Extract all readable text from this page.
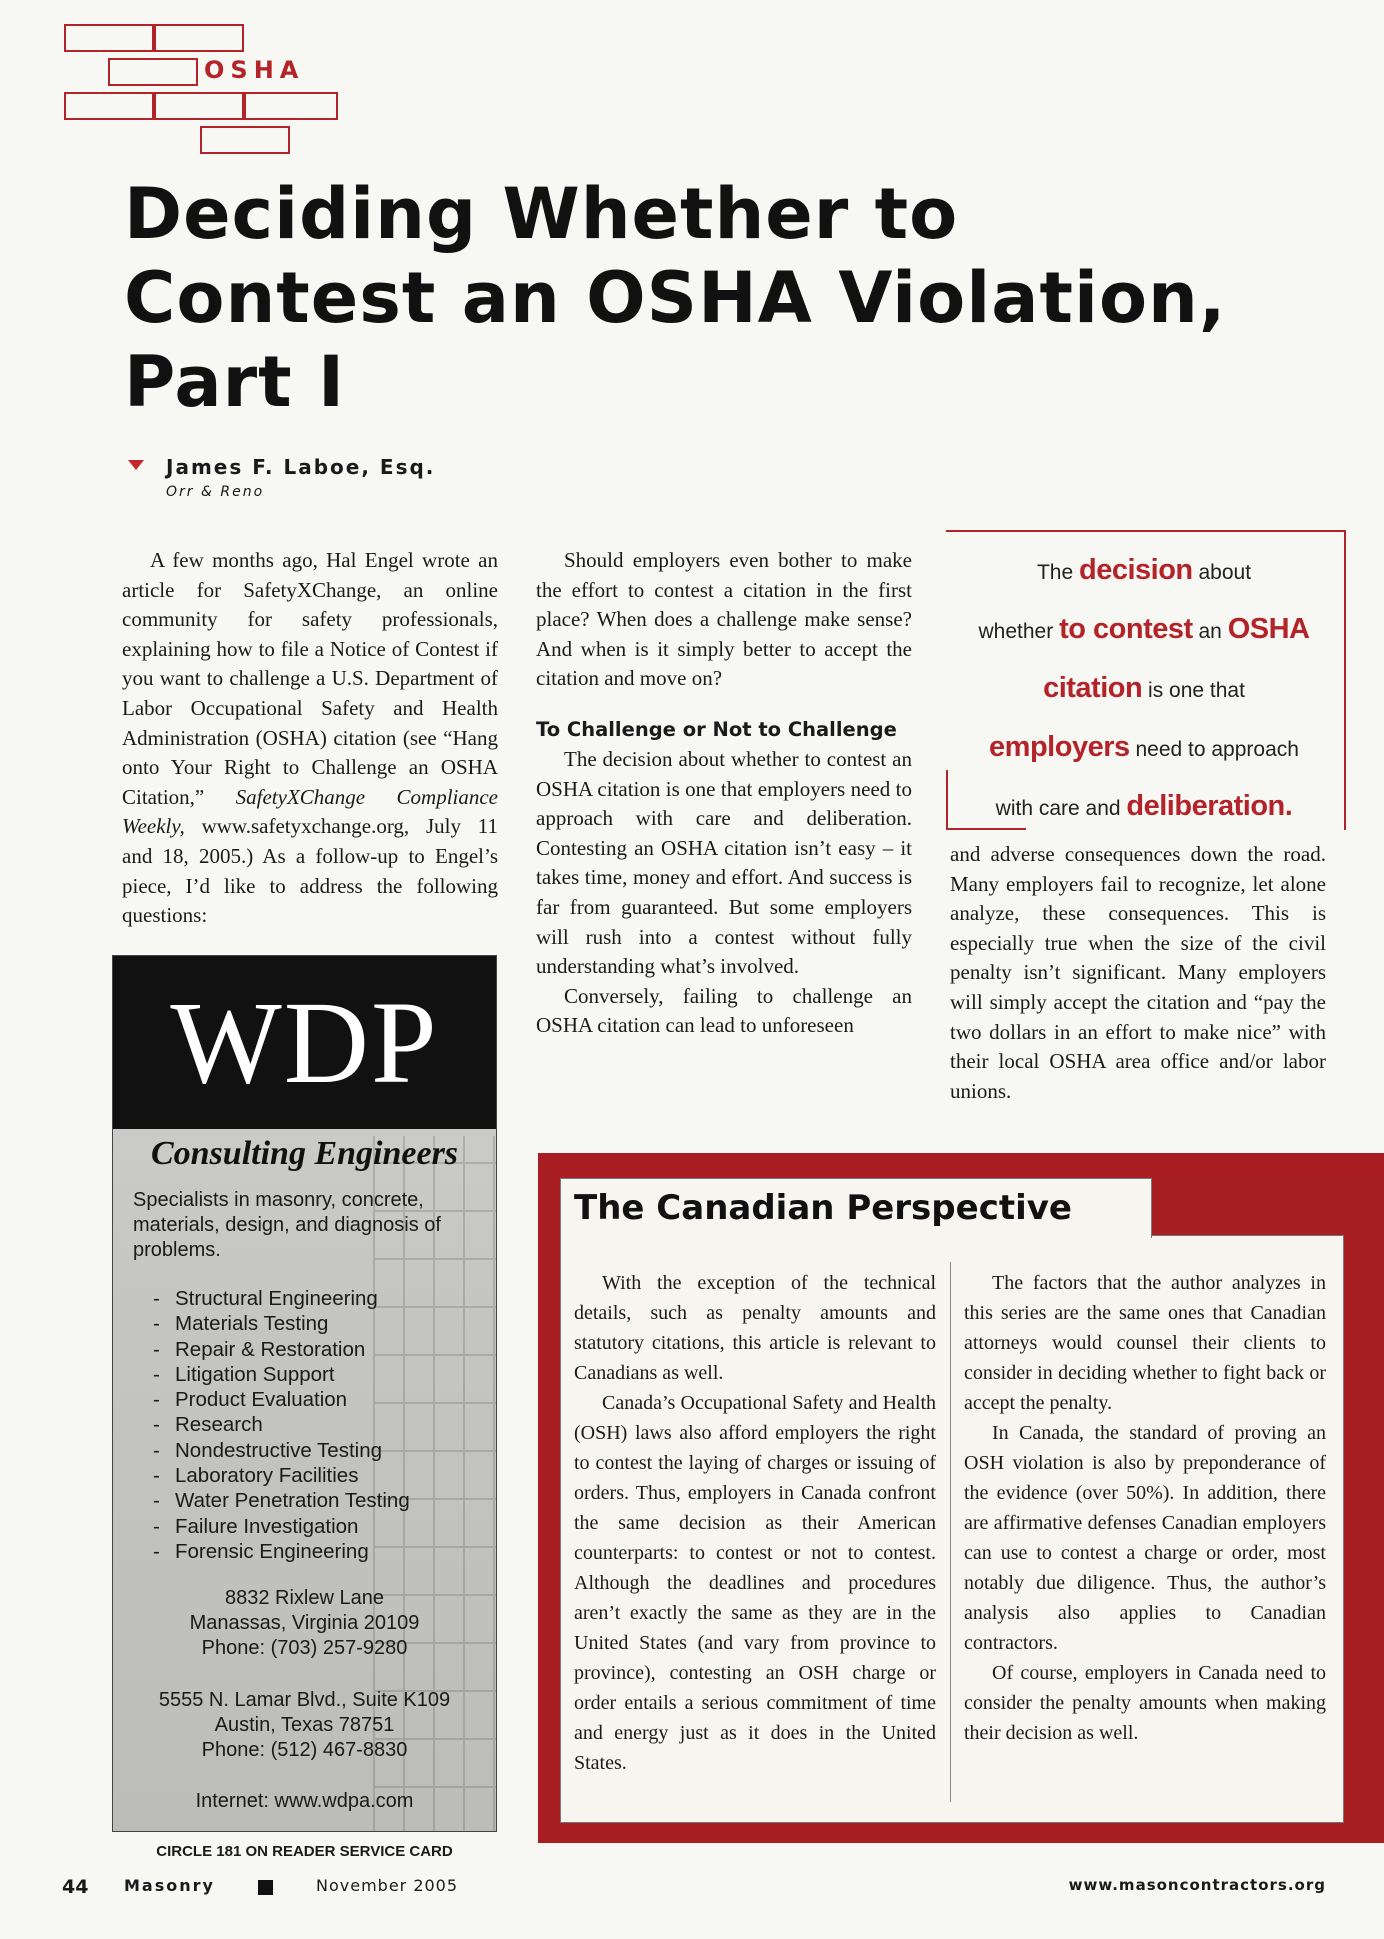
OSHA
Deciding Whether to
Contest an OSHA Violation,
Part I
James F. Laboe, Esq.
Orr & Reno

A few months ago, Hal Engel wrote an article for SafetyXChange, an online community for safety professionals, explaining how to file a Notice of Contest if you want to challenge a U.S. Department of Labor Occupational Safety and Health Administration (OSHA) citation (see “Hang onto Your Right to Challenge an OSHA Citation,” SafetyXChange Compliance Weekly, www.safetyxchange.org, July 11 and 18, 2005.) As a follow-up to Engel’s piece, I’d like to address the following questions:

Should employers even bother to make the effort to contest a citation in the first place? When does a challenge make sense? And when is it simply better to accept the citation and move on?

To Challenge or Not to Challenge

The decision about whether to contest an OSHA citation is one that employers need to approach with care and deliberation. Contesting an OSHA citation isn’t easy – it takes time, money and effort. And success is far from guaranteed. But some employers will rush into a contest without fully understanding what’s involved.

Conversely, failing to challenge an OSHA citation can lead to unforeseen

The decision about
whether to contest an OSHA
citation is one that
employers need to approach
with care and deliberation.

and adverse consequences down the road. Many employers fail to recognize, let alone analyze, these consequences. This is especially true when the size of the civil penalty isn’t significant. Many employers will simply accept the citation and “pay the two dollars in an effort to make nice” with their local OSHA area office and/or labor unions.

WDP
Consulting Engineers
Specialists in masonry, concrete, materials, design, and diagnosis of problems.
- Structural Engineering
- Materials Testing
- Repair & Restoration
- Litigation Support
- Product Evaluation
- Research
- Nondestructive Testing
- Laboratory Facilities
- Water Penetration Testing
- Failure Investigation
- Forensic Engineering
8832 Rixlew Lane
Manassas, Virginia 20109
Phone: (703) 257-9280
5555 N. Lamar Blvd., Suite K109
Austin, Texas 78751
Phone: (512) 467-8830
Internet: www.wdpa.com
CIRCLE 181 ON READER SERVICE CARD
The Canadian Perspective

With the exception of the technical details, such as penalty amounts and statutory citations, this article is relevant to Canadians as well.

Canada’s Occupational Safety and Health (OSH) laws also afford employers the right to contest the laying of charges or issuing of orders. Thus, employers in Canada confront the same decision as their American counterparts: to contest or not to contest. Although the deadlines and procedures aren’t exactly the same as they are in the United States (and vary from province to province), contesting an OSH charge or order entails a serious commitment of time and energy just as it does in the United States.

The factors that the author analyzes in this series are the same ones that Canadian attorneys would counsel their clients to consider in deciding whether to fight back or accept the penalty.

In Canada, the standard of proving an OSH violation is also by preponderance of the evidence (over 50%). In addition, there are affirmative defenses Canadian employers can use to contest a charge or order, most notably due diligence. Thus, the author’s analysis also applies to Canadian contractors.

Of course, employers in Canada need to consider the penalty amounts when making their decision as well.

44 Masonry	November 2005	www.masoncontractors.org
